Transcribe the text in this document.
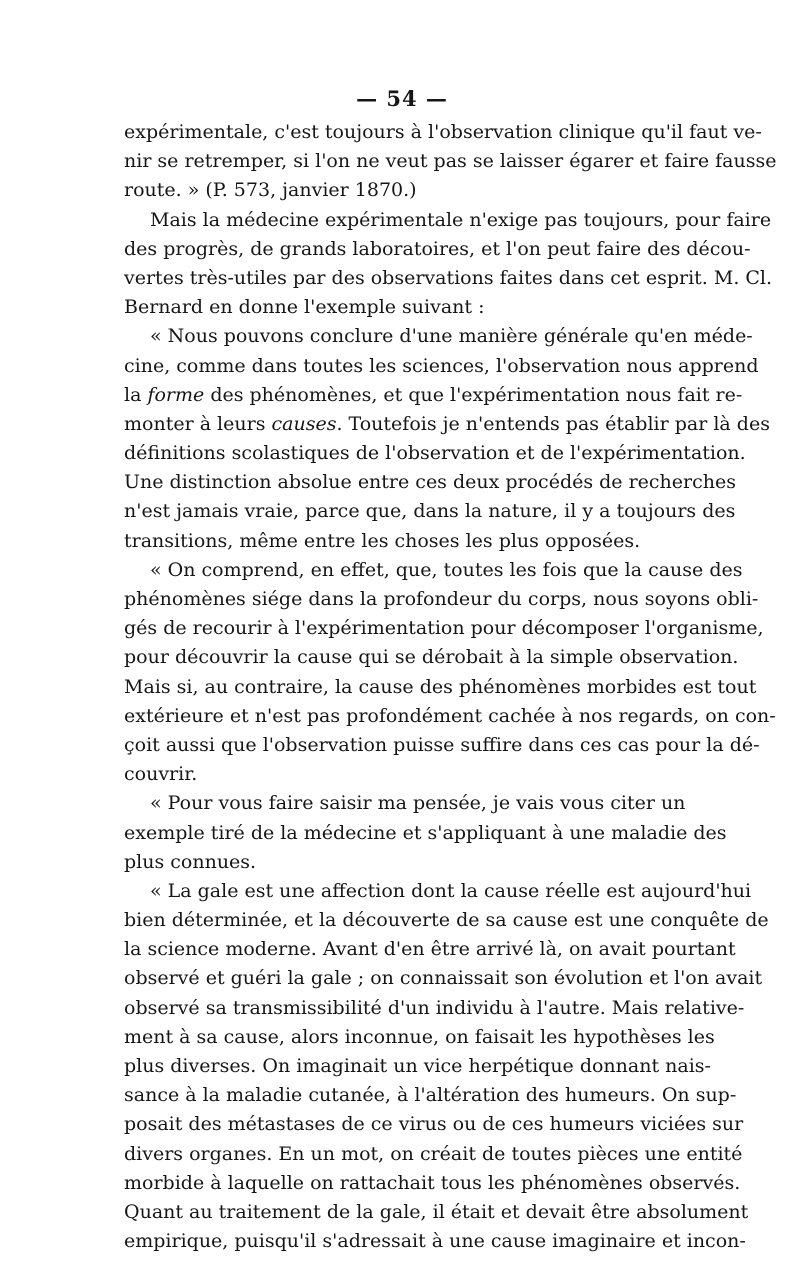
— 54 —
expérimentale, c'est toujours à l'observation clinique qu'il faut ve-
nir se retremper, si l'on ne veut pas se laisser égarer et faire fausse
route. » (P. 573, janvier 1870.)
Mais la médecine expérimentale n'exige pas toujours, pour faire
des progrès, de grands laboratoires, et l'on peut faire des décou-
vertes très-utiles par des observations faites dans cet esprit. M. Cl.
Bernard en donne l'exemple suivant :
« Nous pouvons conclure d'une manière générale qu'en méde-
cine, comme dans toutes les sciences, l'observation nous apprend
la forme des phénomènes, et que l'expérimentation nous fait re-
monter à leurs causes. Toutefois je n'entends pas établir par là des
définitions scolastiques de l'observation et de l'expérimentation.
Une distinction absolue entre ces deux procédés de recherches
n'est jamais vraie, parce que, dans la nature, il y a toujours des
transitions, même entre les choses les plus opposées.
« On comprend, en effet, que, toutes les fois que la cause des
phénomènes siége dans la profondeur du corps, nous soyons obli-
gés de recourir à l'expérimentation pour décomposer l'organisme,
pour découvrir la cause qui se dérobait à la simple observation.
Mais si, au contraire, la cause des phénomènes morbides est tout
extérieure et n'est pas profondément cachée à nos regards, on con-
çoit aussi que l'observation puisse suffire dans ces cas pour la dé-
couvrir.
« Pour vous faire saisir ma pensée, je vais vous citer un
exemple tiré de la médecine et s'appliquant à une maladie des
plus connues.
« La gale est une affection dont la cause réelle est aujourd'hui
bien déterminée, et la découverte de sa cause est une conquête de
la science moderne. Avant d'en être arrivé là, on avait pourtant
observé et guéri la gale ; on connaissait son évolution et l'on avait
observé sa transmissibilité d'un individu à l'autre. Mais relative-
ment à sa cause, alors inconnue, on faisait les hypothèses les
plus diverses. On imaginait un vice herpétique donnant nais-
sance à la maladie cutanée, à l'altération des humeurs. On sup-
posait des métastases de ce virus ou de ces humeurs viciées sur
divers organes. En un mot, on créait de toutes pièces une entité
morbide à laquelle on rattachait tous les phénomènes observés.
Quant au traitement de la gale, il était et devait être absolument
empirique, puisqu'il s'adressait à une cause imaginaire et incon-
